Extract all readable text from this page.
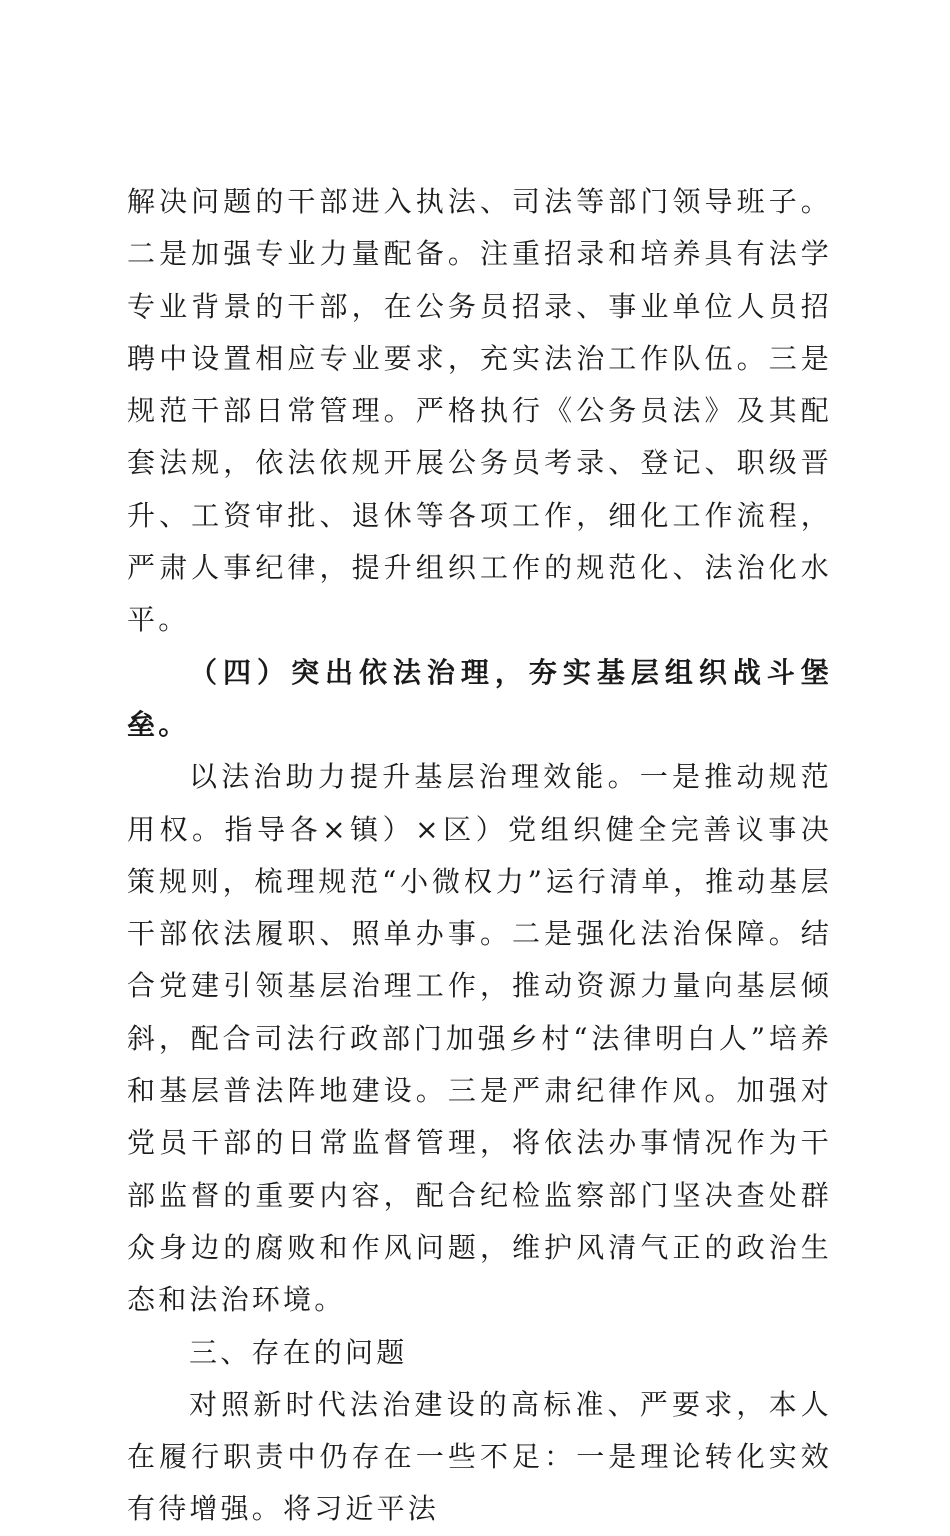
解决问题的干部进入执法、司法等部门领导班子。二是加强专业力量配备。注重招录和培养具有法学专业背景的干部，在公务员招录、事业单位人员招聘中设置相应专业要求，充实法治工作队伍。三是规范干部日常管理。严格执行《公务员法》及其配套法规，依法依规开展公务员考录、登记、职级晋升、工资审批、退休等各项工作，细化工作流程，严肃人事纪律，提升组织工作的规范化、法治化水平。

（四）突出依法治理，夯实基层组织战斗堡垒。

以法治助力提升基层治理效能。一是推动规范用权。指导各×镇）×区）党组织健全完善议事决策规则，梳理规范“小微权力”运行清单，推动基层干部依法履职、照单办事。二是强化法治保障。结合党建引领基层治理工作，推动资源力量向基层倾斜，配合司法行政部门加强乡村“法律明白人”培养和基层普法阵地建设。三是严肃纪律作风。加强对党员干部的日常监督管理，将依法办事情况作为干部监督的重要内容，配合纪检监察部门坚决查处群众身边的腐败和作风问题，维护风清气正的政治生态和法治环境。

三、存在的问题

对照新时代法治建设的高标准、严要求，本人在履行职责中仍存在一些不足：一是理论转化实效有待增强。将习近平法
